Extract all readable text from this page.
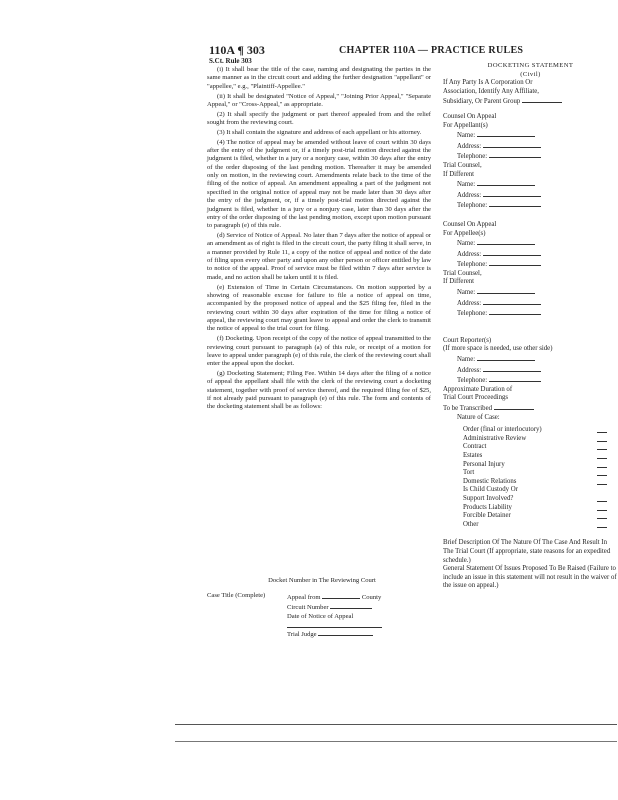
110A ¶ 303
S.Ct. Rule 303
CHAPTER 110A — PRACTICE RULES

(i) It shall bear the title of the case, naming and designating the parties in the same manner as in the circuit court and adding the further designation "appellant" or "appellee," e.g., "Plaintiff-Appellee."

(ii) It shall be designated "Notice of Appeal," "Joining Prior Appeal," "Separate Appeal," or "Cross-Appeal," as appropriate.

(2) It shall specify the judgment or part thereof appealed from and the relief sought from the reviewing court.

(3) It shall contain the signature and address of each appellant or his attorney.

(4) The notice of appeal may be amended without leave of court within 30 days after the entry of the judgment or, if a timely post-trial motion directed against the judgment is filed, whether in a jury or a nonjury case, within 30 days after the entry of the order disposing of the last pending motion. Thereafter it may be amended only on motion, in the reviewing court. Amendments relate back to the time of the filing of the notice of appeal. An amendment appealing a part of the judgment not specified in the original notice of appeal may not be made later than 30 days after the entry of the judgment, or, if a timely post-trial motion directed against the judgment is filed, whether in a jury or a nonjury case, later than 30 days after the entry of the order disposing of the last pending motion, except upon motion pursuant to paragraph (e) of this rule.

(d) Service of Notice of Appeal. No later than 7 days after the notice of appeal or an amendment as of right is filed in the circuit court, the party filing it shall serve, in a manner provided by Rule 11, a copy of the notice of appeal and notice of the date of filing upon every other party and upon any other person or officer entitled by law to notice of the appeal. Proof of service must be filed within 7 days after service is made, and no action shall be taken until it is filed.

(e) Extension of Time in Certain Circumstances. On motion supported by a showing of reasonable excuse for failure to file a notice of appeal on time, accompanied by the proposed notice of appeal and the $25 filing fee, filed in the reviewing court within 30 days after expiration of the time for filing a notice of appeal, the reviewing court may grant leave to appeal and order the clerk to transmit the notice of appeal to the trial court for filing.

(f) Docketing. Upon receipt of the copy of the notice of appeal transmitted to the reviewing court pursuant to paragraph (a) of this rule, or receipt of a motion for leave to appeal under paragraph (e) of this rule, the clerk of the reviewing court shall enter the appeal upon the docket.

(g) Docketing Statement; Filing Fee. Within 14 days after the filing of a notice of appeal the appellant shall file with the clerk of the reviewing court a docketing statement, together with proof of service thereof, and the required filing fee of $25, if not already paid pursuant to paragraph (e) of this rule. The form and contents of the docketing statement shall be as follows:

Docket Number in The Reviewing Court
Case Title (Complete)	Appeal from	County
Circuit Number
Date of Notice of Appeal
Trial Judge
DOCKETING STATEMENT
(Civil)
If Any Party Is A Corporation Or
Association, Identify Any Affiliate,
Subsidiary, Or Parent Group
Counsel On Appeal
For Appellant(s)
Name:
Address:
Telephone:
Trial Counsel,
If Different
Name:
Address:
Telephone:
Counsel On Appeal
For Appellee(s)
Name:
Address:
Telephone:
Trial Counsel,
If Different
Name:
Address:
Telephone:
Court Reporter(s)
(If more space is needed, use other side)
Name:
Address:
Telephone:
Approximate Duration of
Trial Court Proceedings
To be Transcribed
Nature of Case:
Order (final or interlocutory)
Administrative Review
Contract
Estates
Personal Injury
Tort
Domestic Relations
Is Child Custody Or
Support Involved?
Products Liability
Forcible Detainer
Other
Brief Description Of The Nature Of The Case And Result In The Trial Court (If appropriate, state reasons for an expedited schedule.)
General Statement Of Issues Proposed To Be Raised (Failure to include an issue in this statement will not result in the waiver of the issue on appeal.)
